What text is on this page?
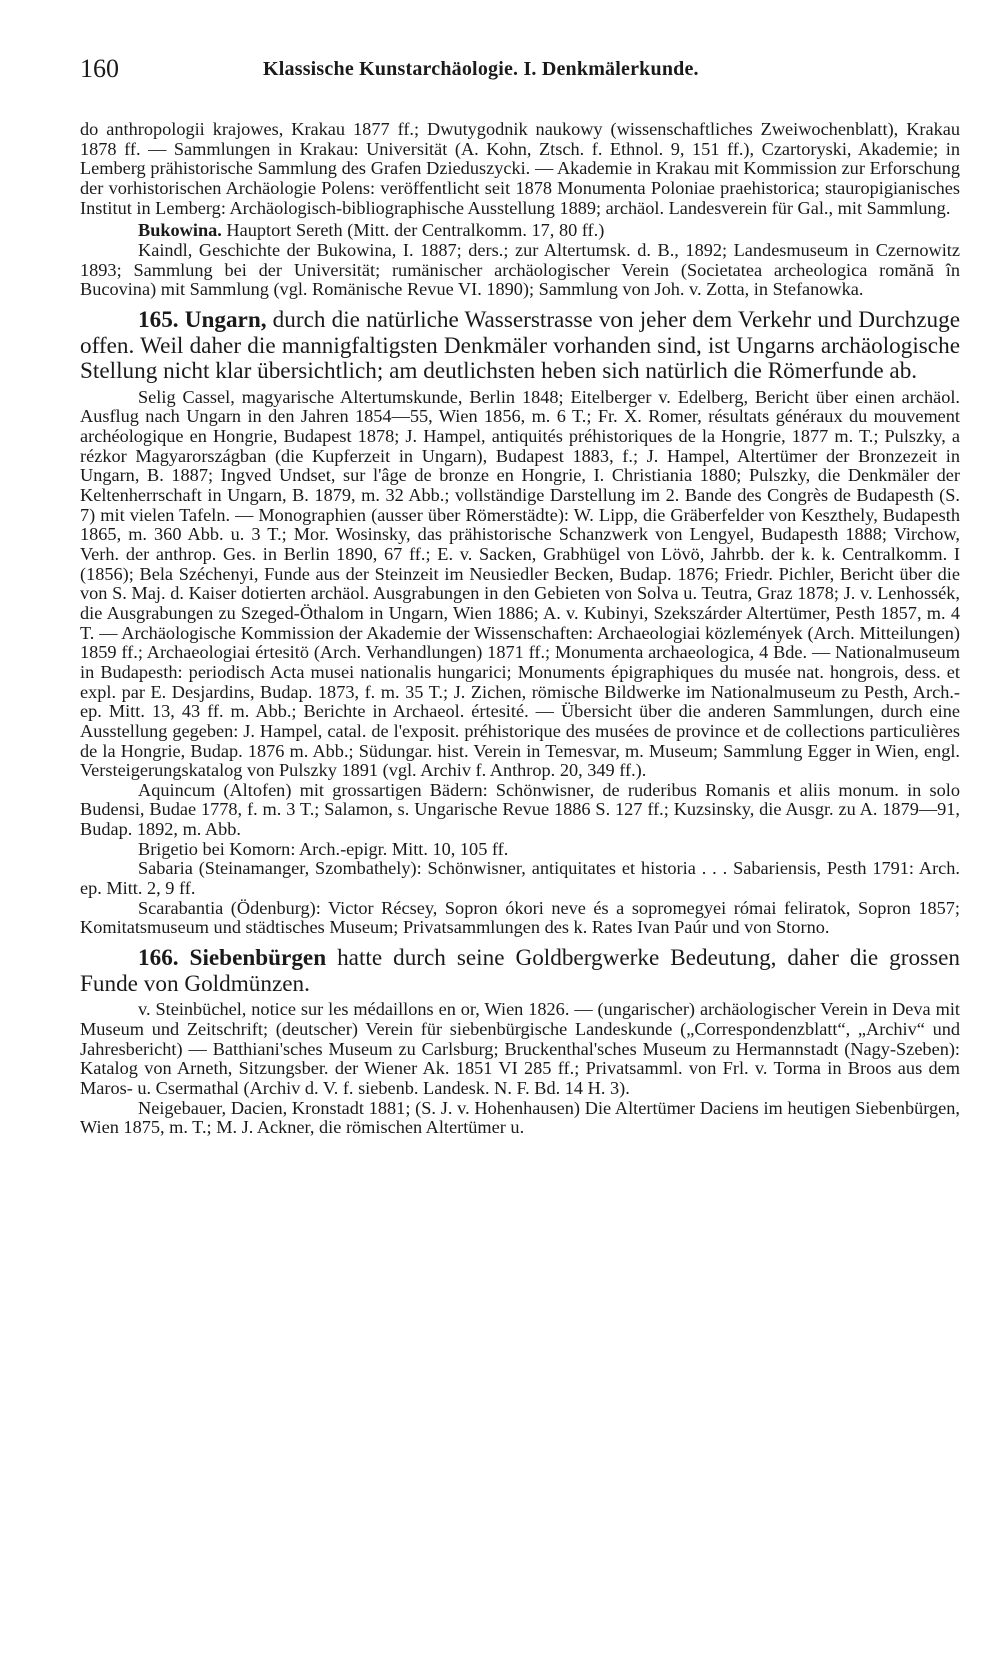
160	Klassische Kunstarchäologie. I. Denkmälerkunde.

do anthropologii krajowes, Krakau 1877 ff.; Dwutygodnik naukowy (wissenschaftliches Zweiwochenblatt), Krakau 1878 ff. — Sammlungen in Krakau: Universität (A. Kohn, Ztsch. f. Ethnol. 9, 151 ff.), Czartoryski, Akademie; in Lemberg prähistorische Sammlung des Grafen Dzieduszycki. — Akademie in Krakau mit Kommission zur Erforschung der vorhistorischen Archäologie Polens: veröffentlicht seit 1878 Monumenta Poloniae praehistorica; stauropigianisches Institut in Lemberg: Archäologisch-bibliographische Ausstellung 1889; archäol. Landesverein für Gal., mit Sammlung.

Bukowina. Hauptort Sereth (Mitt. der Centralkomm. 17, 80 ff.)

Kaindl, Geschichte der Bukowina, I. 1887; ders.; zur Altertumsk. d. B., 1892; Landesmuseum in Czernowitz 1893; Sammlung bei der Universität; rumänischer archäologischer Verein (Societatea archeologica romănă în Bucovina) mit Sammlung (vgl. Romänische Revue VI. 1890); Sammlung von Joh. v. Zotta, in Stefanowka.

165. Ungarn, durch die natürliche Wasserstrasse von jeher dem Verkehr und Durchzuge offen. Weil daher die mannigfaltigsten Denkmäler vorhanden sind, ist Ungarns archäologische Stellung nicht klar übersichtlich; am deutlichsten heben sich natürlich die Römerfunde ab.

Selig Cassel, magyarische Altertumskunde, Berlin 1848; Eitelberger v. Edelberg, Bericht über einen archäol. Ausflug nach Ungarn in den Jahren 1854—55, Wien 1856, m. 6 T.; Fr. X. Romer, résultats généraux du mouvement archéologique en Hongrie, Budapest 1878; J. Hampel, antiquités préhistoriques de la Hongrie, 1877 m. T.; Pulszky, a rézkor Magyarországban (die Kupferzeit in Ungarn), Budapest 1883, f.; J. Hampel, Altertümer der Bronzezeit in Ungarn, B. 1887; Ingved Undset, sur l'âge de bronze en Hongrie, I. Christiania 1880; Pulszky, die Denkmäler der Keltenherrschaft in Ungarn, B. 1879, m. 32 Abb.; vollständige Darstellung im 2. Bande des Congrès de Budapesth (S. 7) mit vielen Tafeln. — Monographien (ausser über Römerstädte): W. Lipp, die Gräberfelder von Keszthely, Budapesth 1865, m. 360 Abb. u. 3 T.; Mor. Wosinsky, das prähistorische Schanzwerk von Lengyel, Budapesth 1888; Virchow, Verh. der anthrop. Ges. in Berlin 1890, 67 ff.; E. v. Sacken, Grabhügel von Lövö, Jahrbb. der k. k. Centralkomm. I (1856); Bela Széchenyi, Funde aus der Steinzeit im Neusiedler Becken, Budap. 1876; Friedr. Pichler, Bericht über die von S. Maj. d. Kaiser dotierten archäol. Ausgrabungen in den Gebieten von Solva u. Teutra, Graz 1878; J. v. Lenhossék, die Ausgrabungen zu Szeged-Öthalom in Ungarn, Wien 1886; A. v. Kubinyi, Szekszárder Altertümer, Pesth 1857, m. 4 T. — Archäologische Kommission der Akademie der Wissenschaften: Archaeologiai közlemények (Arch. Mitteilungen) 1859 ff.; Archaeologiai értesitö (Arch. Verhandlungen) 1871 ff.; Monumenta archaeologica, 4 Bde. — Nationalmuseum in Budapesth: periodisch Acta musei nationalis hungarici; Monuments épigraphiques du musée nat. hongrois, dess. et expl. par E. Desjardins, Budap. 1873, f. m. 35 T.; J. Zichen, römische Bildwerke im Nationalmuseum zu Pesth, Arch.-ep. Mitt. 13, 43 ff. m. Abb.; Berichte in Archaeol. értesité. — Übersicht über die anderen Sammlungen, durch eine Ausstellung gegeben: J. Hampel, catal. de l'exposit. préhistorique des musées de province et de collections particulières de la Hongrie, Budap. 1876 m. Abb.; Südungar. hist. Verein in Temesvar, m. Museum; Sammlung Egger in Wien, engl. Versteigerungskatalog von Pulszky 1891 (vgl. Archiv f. Anthrop. 20, 349 ff.).

Aquincum (Altofen) mit grossartigen Bädern: Schönwisner, de ruderibus Romanis et aliis monum. in solo Budensi, Budae 1778, f. m. 3 T.; Salamon, s. Ungarische Revue 1886 S. 127 ff.; Kuzsinsky, die Ausgr. zu A. 1879—91, Budap. 1892, m. Abb.

Brigetio bei Komorn: Arch.-epigr. Mitt. 10, 105 ff.

Sabaria (Steinamanger, Szombathely): Schönwisner, antiquitates et historia . . . Sabariensis, Pesth 1791: Arch. ep. Mitt. 2, 9 ff.

Scarabantia (Ödenburg): Victor Récsey, Sopron ókori neve és a sopromegyei római feliratok, Sopron 1857; Komitatsmuseum und städtisches Museum; Privatsammlungen des k. Rates Ivan Paúr und von Storno.

166. Siebenbürgen hatte durch seine Goldbergwerke Bedeutung, daher die grossen Funde von Goldmünzen.

v. Steinbüchel, notice sur les médaillons en or, Wien 1826. — (ungarischer) archäologischer Verein in Deva mit Museum und Zeitschrift; (deutscher) Verein für siebenbürgische Landeskunde („Correspondenzblatt“, „Archiv“ und Jahresbericht) — Batthiani'sches Museum zu Carlsburg; Bruckenthal'sches Museum zu Hermannstadt (Nagy-Szeben): Katalog von Arneth, Sitzungsber. der Wiener Ak. 1851 VI 285 ff.; Privatsamml. von Frl. v. Torma in Broos aus dem Maros- u. Csermathal (Archiv d. V. f. siebenb. Landesk. N. F. Bd. 14 H. 3).

Neigebauer, Dacien, Kronstadt 1881; (S. J. v. Hohenhausen) Die Altertümer Daciens im heutigen Siebenbürgen, Wien 1875, m. T.; M. J. Ackner, die römischen Altertümer u.
